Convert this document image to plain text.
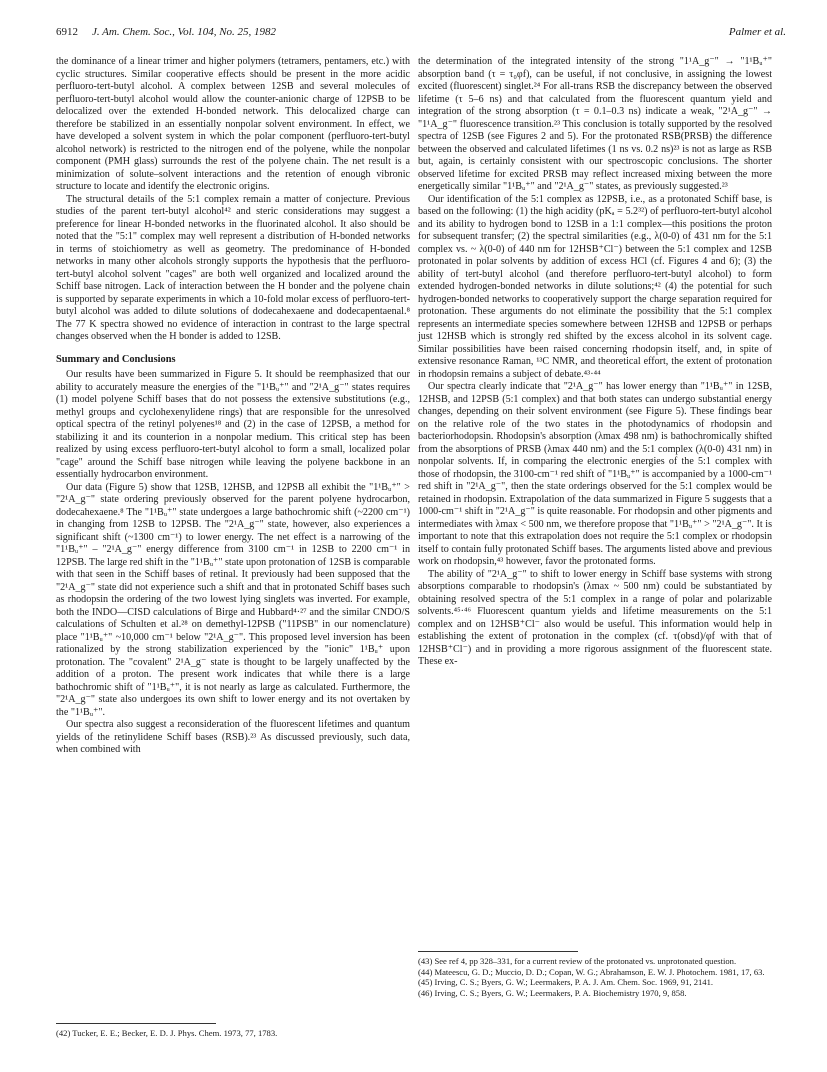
6912 J. Am. Chem. Soc., Vol. 104, No. 25, 1982	Palmer et al.

the dominance of a linear trimer and higher polymers (tetramers, pentamers, etc.) with cyclic structures. Similar cooperative effects should be present in the more acidic perfluoro-tert-butyl alcohol. A complex between 12SB and several molecules of perfluoro-tert-butyl alcohol would allow the counter-anionic charge of 12PSB to be delocalized over the extended H-bonded network. This delocalized charge can therefore be stabilized in an essentially nonpolar solvent environment. In effect, we have developed a solvent system in which the polar component (perfluoro-tert-butyl alcohol network) is restricted to the nitrogen end of the polyene, while the nonpolar component (PMH glass) surrounds the rest of the polyene chain. The net result is a minimization of solute–solvent interactions and the retention of enough vibronic structure to locate and identify the electronic origins.

The structural details of the 5:1 complex remain a matter of conjecture. Previous studies of the parent tert-butyl alcohol⁴² and steric considerations may suggest a preference for linear H-bonded networks in the fluorinated alcohol. It also should be noted that the "5:1" complex may well represent a distribution of H-bonded networks in terms of stoichiometry as well as geometry. The predominance of H-bonded networks in many other alcohols strongly supports the hypothesis that the perfluoro-tert-butyl alcohol solvent "cages" are both well organized and localized around the Schiff base nitrogen. Lack of interaction between the H bonder and the polyene chain is supported by separate experiments in which a 10-fold molar excess of perfluoro-tert-butyl alcohol was added to dilute solutions of dodecahexaene and dodecapentaenal.⁸ The 77 K spectra showed no evidence of interaction in contrast to the large spectral changes observed when the H bonder is added to 12SB.

Summary and Conclusions

Our results have been summarized in Figure 5. It should be reemphasized that our ability to accurately measure the energies of the "1¹Bᵤ⁺" and "2¹A_g⁻" states requires (1) model polyene Schiff bases that do not possess the extensive substitutions (e.g., methyl groups and cyclohexenylidene rings) that are responsible for the unresolved optical spectra of the retinyl polyenes¹⁸ and (2) in the case of 12PSB, a method for stabilizing it and its counterion in a nonpolar medium. This critical step has been realized by using excess perfluoro-tert-butyl alcohol to form a small, localized polar "cage" around the Schiff base nitrogen while leaving the polyene backbone in an essentially hydrocarbon environment.

Our data (Figure 5) show that 12SB, 12HSB, and 12PSB all exhibit the "1¹Bᵤ⁺" > "2¹A_g⁻" state ordering previously observed for the parent polyene hydrocarbon, dodecahexaene.⁸ The "1¹Bᵤ⁺" state undergoes a large bathochromic shift (~2200 cm⁻¹) in changing from 12SB to 12PSB. The "2¹A_g⁻" state, however, also experiences a significant shift (~1300 cm⁻¹) to lower energy. The net effect is a narrowing of the "1¹Bᵤ⁺" – "2¹A_g⁻" energy difference from 3100 cm⁻¹ in 12SB to 2200 cm⁻¹ in 12PSB. The large red shift in the "1¹Bᵤ⁺" state upon protonation of 12SB is comparable with that seen in the Schiff bases of retinal. It previously had been supposed that the "2¹A_g⁻" state did not experience such a shift and that in protonated Schiff bases such as rhodopsin the ordering of the two lowest lying singlets was inverted. For example, both the INDO—CISD calculations of Birge and Hubbard⁴·²⁷ and the similar CNDO/S calculations of Schulten et al.²⁸ on demethyl-12PSB ("11PSB" in our nomenclature) place "1¹Bᵤ⁺" ~10,000 cm⁻¹ below "2¹A_g⁻". This proposed level inversion has been rationalized by the strong stabilization experienced by the "ionic" 1¹Bᵤ⁺ upon protonation. The "covalent" 2¹A_g⁻ state is thought to be largely unaffected by the addition of a proton. The present work indicates that while there is a large bathochromic shift of "1¹Bᵤ⁺", it is not nearly as large as calculated. Furthermore, the "2¹A_g⁻" state also undergoes its own shift to lower energy and its not overtaken by the "1¹Bᵤ⁺".

Our spectra also suggest a reconsideration of the fluorescent lifetimes and quantum yields of the retinylidene Schiff bases (RSB).²³ As discussed previously, such data, when combined with

the determination of the integrated intensity of the strong "1¹A_g⁻" → "1¹Bᵤ⁺" absorption band (τ = τ₀φf), can be useful, if not conclusive, in assigning the lowest excited (fluorescent) singlet.²⁴ For all-trans RSB the discrepancy between the observed lifetime (τ 5–6 ns) and that calculated from the fluorescent quantum yield and integration of the strong absorption (τ = 0.1–0.3 ns) indicate a weak, "2¹A_g⁻" → "1¹A_g⁻" fluorescence transition.²³ This conclusion is totally supported by the resolved spectra of 12SB (see Figures 2 and 5). For the protonated RSB(PRSB) the difference between the observed and calculated lifetimes (1 ns vs. 0.2 ns)²³ is not as large as RSB but, again, is certainly consistent with our spectroscopic conclusions. The shorter observed lifetime for excited PRSB may reflect increased mixing between the more energetically similar "1¹Bᵤ⁺" and "2¹A_g⁻" states, as previously suggested.²³

Our identification of the 5:1 complex as 12PSB, i.e., as a protonated Schiff base, is based on the following: (1) the high acidity (pKₐ = 5.2³²) of perfluoro-tert-butyl alcohol and its ability to hydrogen bond to 12SB in a 1:1 complex—this positions the proton for subsequent transfer; (2) the spectral similarities (e.g., λ(0-0) of 431 nm for the 5:1 complex vs. ~ λ(0-0) of 440 nm for 12HSB⁺Cl⁻) between the 5:1 complex and 12SB protonated in polar solvents by addition of excess HCl (cf. Figures 4 and 6); (3) the ability of tert-butyl alcohol (and therefore perfluoro-tert-butyl alcohol) to form extended hydrogen-bonded networks in dilute solutions;⁴² (4) the potential for such hydrogen-bonded networks to cooperatively support the charge separation required for protonation. These arguments do not eliminate the possibility that the 5:1 complex represents an intermediate species somewhere between 12HSB and 12PSB or perhaps just 12HSB which is strongly red shifted by the excess alcohol in its solvent cage. Similar possibilities have been raised concerning rhodopsin itself, and, in spite of extensive resonance Raman, ¹³C NMR, and theoretical effort, the extent of protonation in rhodopsin remains a subject of debate.⁴³·⁴⁴

Our spectra clearly indicate that "2¹A_g⁻" has lower energy than "1¹Bᵤ⁺" in 12SB, 12HSB, and 12PSB (5:1 complex) and that both states can undergo substantial energy changes, depending on their solvent environment (see Figure 5). These findings bear on the relative role of the two states in the photodynamics of rhodopsin and bacteriorhodopsin. Rhodopsin's absorption (λmax 498 nm) is bathochromically shifted from the absorptions of PRSB (λmax 440 nm) and the 5:1 complex (λ(0-0) 431 nm) in nonpolar solvents. If, in comparing the electronic energies of the 5:1 complex with those of rhodopsin, the 3100-cm⁻¹ red shift of "1¹Bᵤ⁺" is accompanied by a 1000-cm⁻¹ red shift in "2¹A_g⁻", then the state orderings observed for the 5:1 complex would be retained in rhodopsin. Extrapolation of the data summarized in Figure 5 suggests that a 1000-cm⁻¹ shift in "2¹A_g⁻" is quite reasonable. For rhodopsin and other pigments and intermediates with λmax < 500 nm, we therefore propose that "1¹Bᵤ⁺" > "2¹A_g⁻". It is important to note that this extrapolation does not require the 5:1 complex or rhodopsin itself to contain fully protonated Schiff bases. The arguments listed above and previous work on rhodopsin,⁴³ however, favor the protonated forms.

The ability of "2¹A_g⁻" to shift to lower energy in Schiff base systems with strong absorptions comparable to rhodopsin's (λmax ~ 500 nm) could be substantiated by obtaining resolved spectra of the 5:1 complex in a range of polar and polarizable solvents.⁴⁵·⁴⁶ Fluorescent quantum yields and lifetime measurements on the 5:1 complex and on 12HSB⁺Cl⁻ also would be useful. This information would help in establishing the extent of protonation in the complex (cf. τ(obsd)/φf with that of 12HSB⁺Cl⁻) and in providing a more rigorous assignment of the fluorescent state. These ex-

(42) Tucker, E. E.; Becker, E. D. J. Phys. Chem. 1973, 77, 1783.

(43) See ref 4, pp 328–331, for a current review of the protonated vs. unprotonated question.

(44) Mateescu, G. D.; Muccio, D. D.; Copan, W. G.; Abrahamson, E. W. J. Photochem. 1981, 17, 63.

(45) Irving, C. S.; Byers, G. W.; Leermakers, P. A. J. Am. Chem. Soc. 1969, 91, 2141.

(46) Irving, C. S.; Byers, G. W.; Leermakers, P. A. Biochemistry 1970, 9, 858.
